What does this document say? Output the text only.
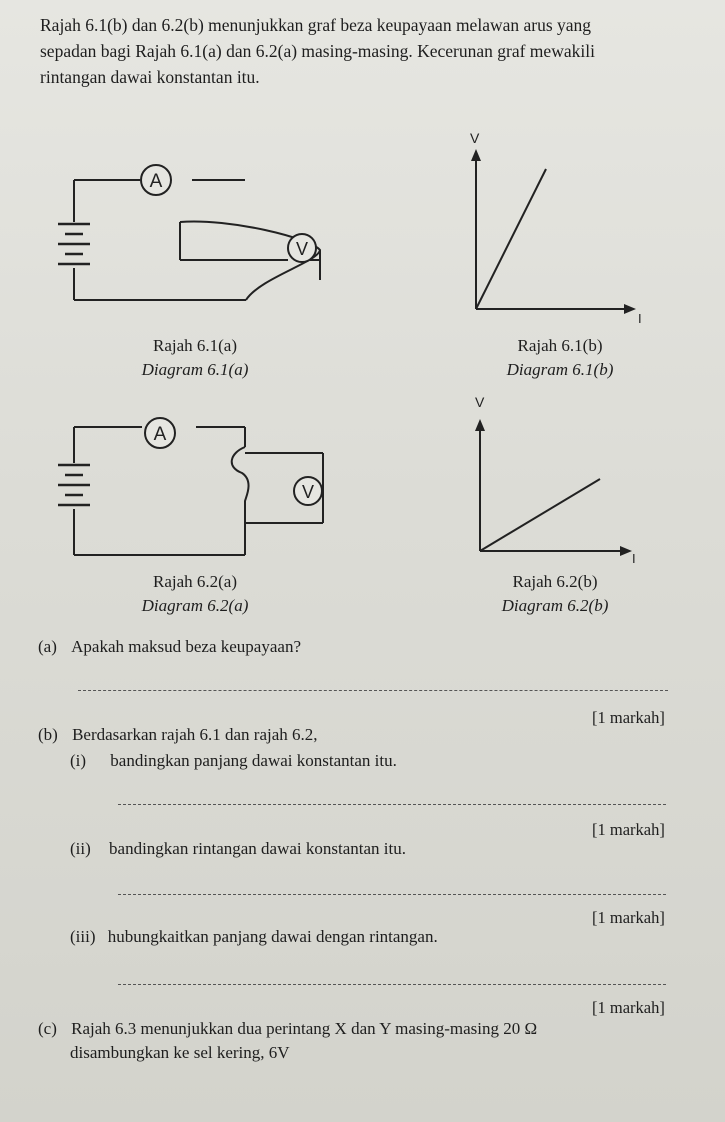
Rajah 6.1(b) dan 6.2(b) menunjukkan graf beza keupayaan melawan arus yang
sepadan bagi Rajah 6.1(a) dan 6.2(a) masing-masing. Kecerunan graf mewakili
rintangan dawai konstantan itu.
A
V
Rajah 6.1(a)
Diagram 6.1(a)
V
I
Rajah 6.1(b)
Diagram 6.1(b)
A
V
Rajah 6.2(a)
Diagram 6.2(a)
V
I
Rajah 6.2(b)
Diagram 6.2(b)
(a) Apakah maksud beza keupayaan?
[1 markah]
(b) Berdasarkan rajah 6.1 dan rajah 6.2,
(i) bandingkan panjang dawai konstantan itu.
[1 markah]
(ii) bandingkan rintangan dawai konstantan itu.
[1 markah]
(iii) hubungkaitkan panjang dawai dengan rintangan.
[1 markah]
(c) Rajah 6.3 menunjukkan dua perintang X dan Y masing-masing 20 Ω
disambungkan ke sel kering, 6V
